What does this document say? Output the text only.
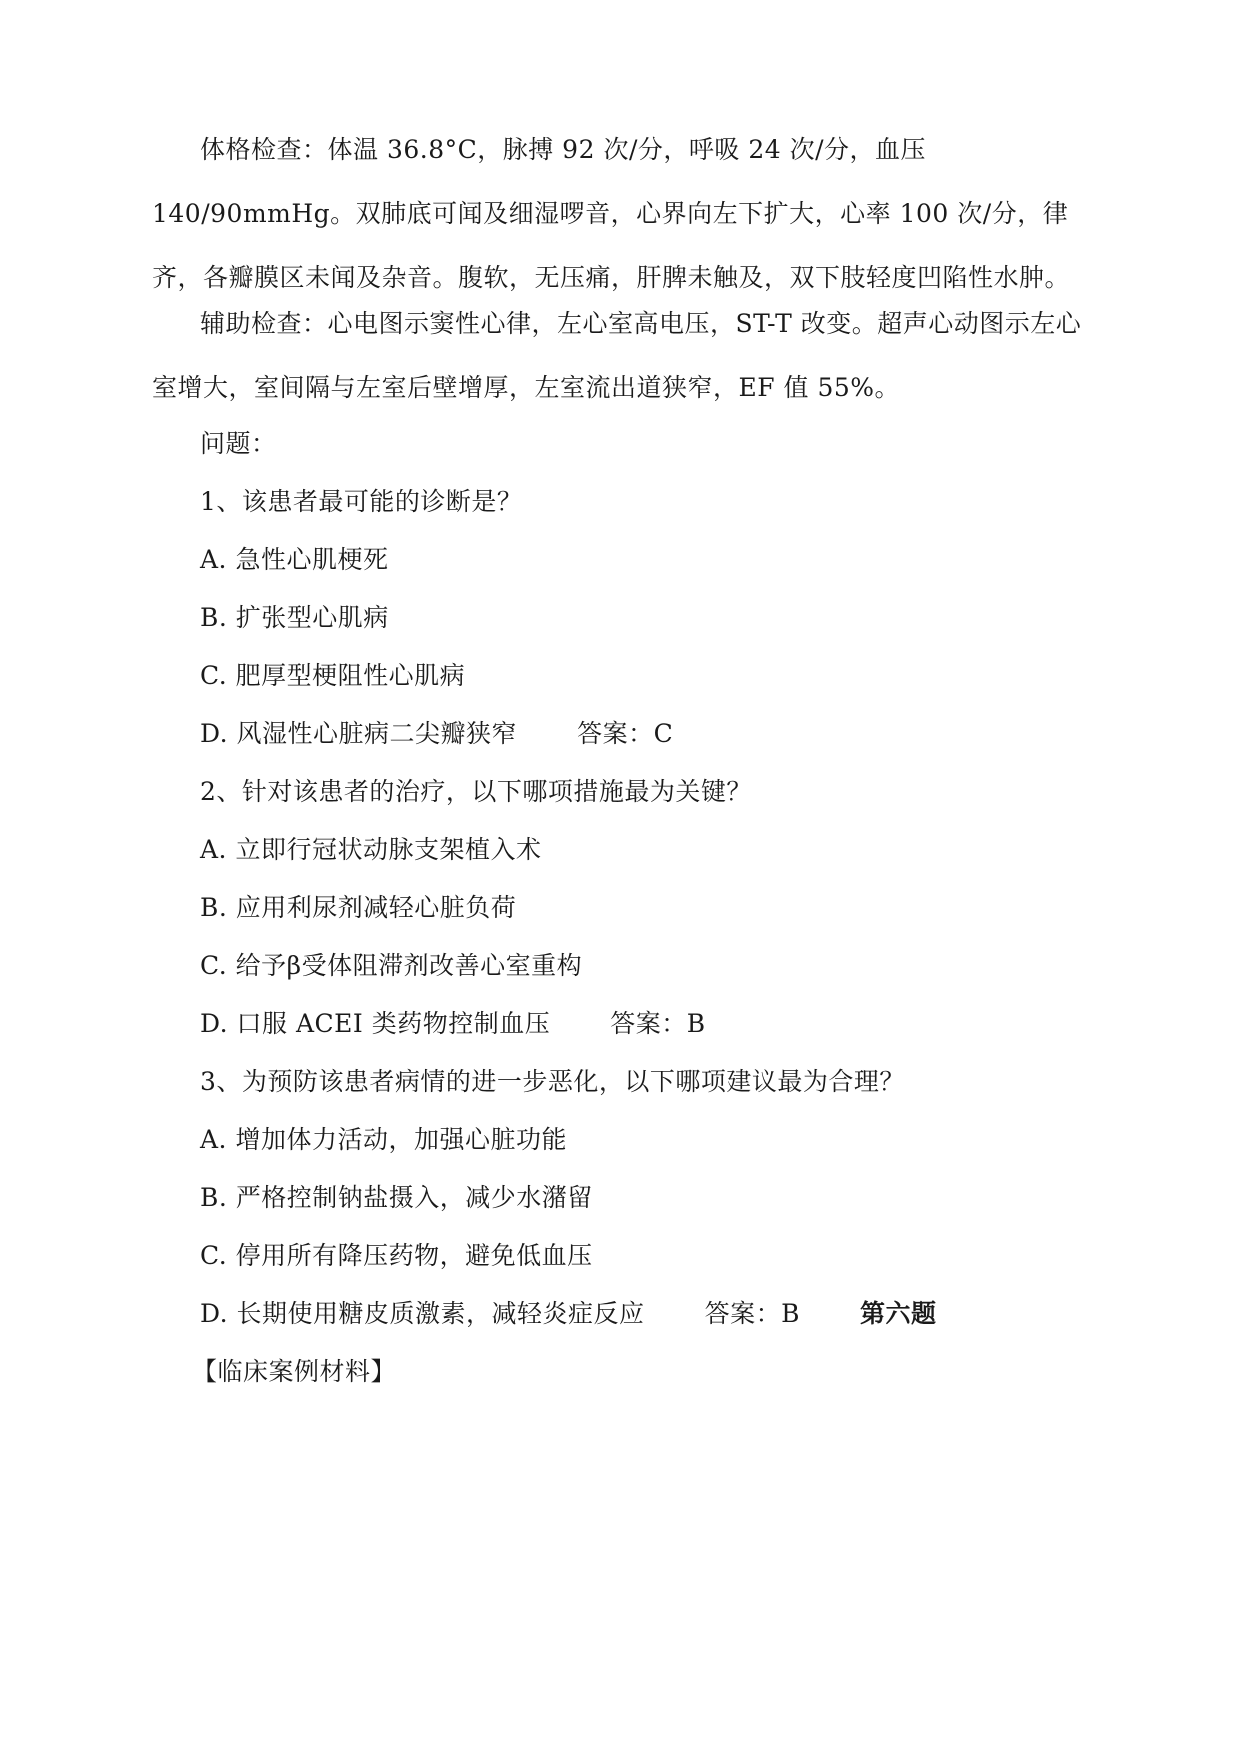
体格检查：体温 36.8°C，脉搏 92 次/分，呼吸 24 次/分，血压 140/90mmHg。双肺底可闻及细湿啰音，心界向左下扩大，心率 100 次/分，律齐，各瓣膜区未闻及杂音。腹软，无压痛，肝脾未触及，双下肢轻度凹陷性水肿。
辅助检查：心电图示窦性心律，左心室高电压，ST-T 改变。超声心动图示左心室增大，室间隔与左室后壁增厚，左室流出道狭窄，EF 值 55%。
问题：
1、该患者最可能的诊断是？
A. 急性心肌梗死
B. 扩张型心肌病
C. 肥厚型梗阻性心肌病
D. 风湿性心脏病二尖瓣狭窄 答案：C
2、针对该患者的治疗，以下哪项措施最为关键？
A. 立即行冠状动脉支架植入术
B. 应用利尿剂减轻心脏负荷
C. 给予β受体阻滞剂改善心室重构
D. 口服 ACEI 类药物控制血压 答案：B
3、为预防该患者病情的进一步恶化，以下哪项建议最为合理？
A. 增加体力活动，加强心脏功能
B. 严格控制钠盐摄入，减少水潴留
C. 停用所有降压药物，避免低血压
D. 长期使用糖皮质激素，减轻炎症反应 答案：B 第六题
【临床案例材料】
